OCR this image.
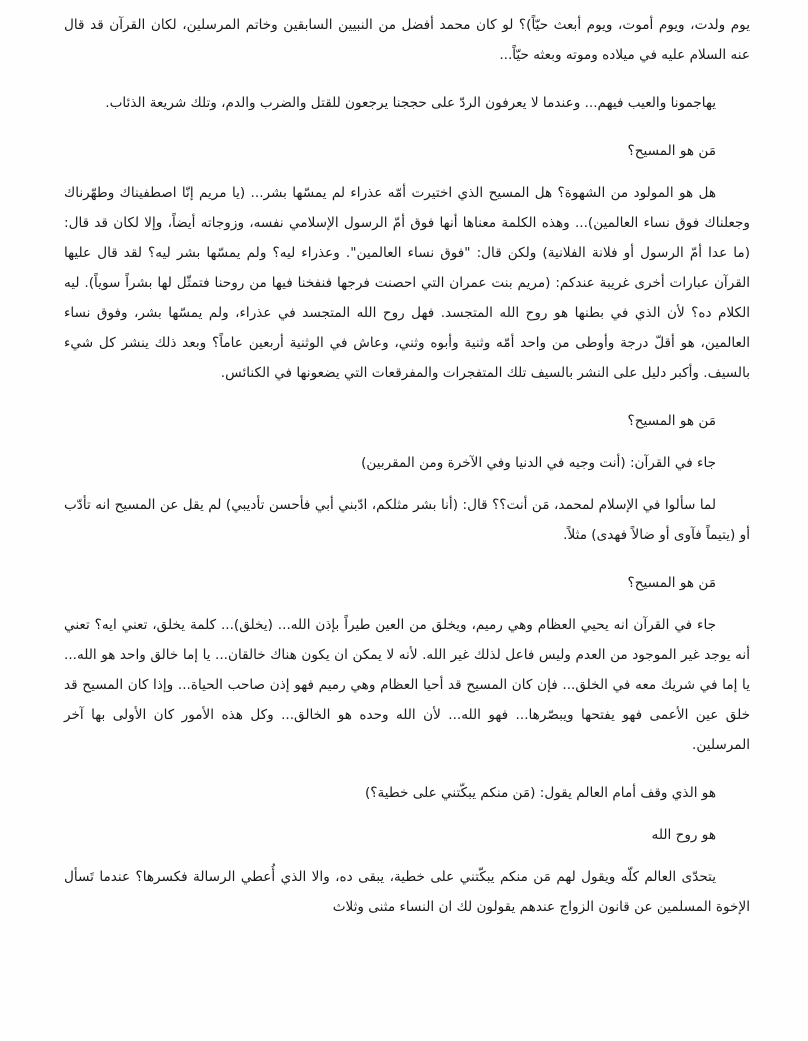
يوم ولدت، ويوم أموت، ويوم أبعث حيّاً)؟ لو كان محمد أفضل من النبيين السابقين وخاتم المرسلين، لكان القرآن قد قال عنه السلام عليه في ميلاده وموته وبعثه حيّاً...

يهاجمونا والعيب فيهم... وعندما لا يعرفون الردّ على حججنا يرجعون للقتل والضرب والدم، وتلك شريعة الذئاب.

مَن هو المسيح؟

هل هو المولود من الشهوة؟ هل المسيح الذي اختيرت أمّه عذراء لم يمسّها بشر... (يا مريم إنّا اصطفيناك وطهّرناك وجعلناك فوق نساء العالمين)... وهذه الكلمة معناها أنها فوق أمّ الرسول الإسلامي نفسه، وزوجاته أيضاً، وإلا لكان قد قال: (ما عدا أمّ الرسول أو فلانة الفلانية) ولكن قال: "فوق نساء العالمين". وعذراء ليه؟ ولم يمسّها بشر ليه؟ لقد قال عليها القرآن عبارات أخرى غريبة عندكم: (مريم بنت عمران التي احصنت فرجها فنفخنا فيها من روحنا فتمثّل لها بشراً سوياً). ليه الكلام ده؟ لأن الذي في بطنها هو روح الله المتجسد. فهل روح الله المتجسد في عذراء، ولم يمسّها بشر، وفوق نساء العالمين، هو أقلّ درجة وأوطى من واحد أمّه وثنية وأبوه وثني، وعاش في الوثنية أربعين عاماً؟ وبعد ذلك ينشر كل شيء بالسيف. وأكبر دليل على النشر بالسيف تلك المتفجرات والمفرقعات التي يضعونها في الكنائس.

مَن هو المسيح؟

جاء في القرآن: (أنت وجيه في الدنيا وفي الآخرة ومن المقربين)

لما سألوا في الإسلام لمحمد، مَن أنت؟؟ قال: (أنا بشر مثلكم، ادّبني أبي فأحسن تأديبي) لم يقل عن المسيح انه تأدّب أو (يتيماً فآوى أو ضالاً فهدى) مثلاً.

مَن هو المسيح؟

جاء في القرآن انه يحيي العظام وهي رميم، ويخلق من العين طيراً بإذن الله... (يخلق)... كلمة يخلق، تعني ايه؟ تعني أنه يوجد غير الموجود من العدم وليس فاعل لذلك غير الله. لأنه لا يمكن ان يكون هناك خالقان... يا إما خالق واحد هو الله... يا إما في شريك معه في الخلق... فإن كان المسيح قد أحيا العظام وهي رميم فهو إذن صاحب الحياة... وإذا كان المسيح قد خلق عين الأعمى فهو يفتحها ويبصّرها... فهو الله... لأن الله وحده هو الخالق... وكل هذه الأمور كان الأولى بها آخر المرسلين.

هو الذي وقف أمام العالم يقول: (مَن منكم يبكّتني على خطية؟)

هو روح الله

يتحدّى العالم كلّه ويقول لهم مَن منكم يبكّتني على خطية، يبقى ده، والا الذي أُعطي الرسالة فكسرها؟ عندما تَسأل الإخوة المسلمين عن قانون الزواج عندهم يقولون لك ان النساء مثنى وثلاث
